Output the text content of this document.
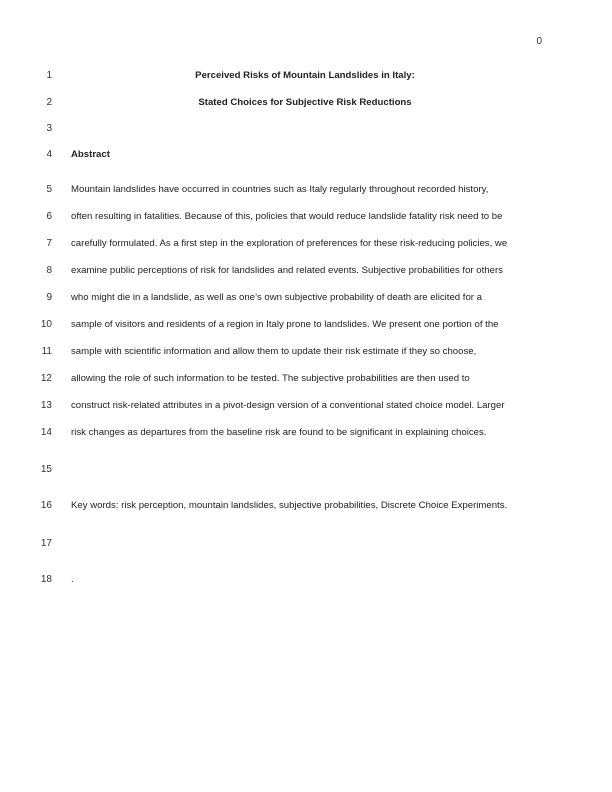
0
1	Perceived Risks of Mountain Landslides in Italy:
2	Stated Choices for Subjective Risk Reductions
3
4 Abstract
5 Mountain landslides have occurred in countries such as Italy regularly throughout recorded history,
6 often resulting in fatalities. Because of this, policies that would reduce landslide fatality risk need to be
7 carefully formulated. As a first step in the exploration of preferences for these risk-reducing policies, we
8 examine public perceptions of risk for landslides and related events. Subjective probabilities for others
9 who might die in a landslide, as well as one’s own subjective probability of death are elicited for a
10 sample of visitors and residents of a region in Italy prone to landslides. We present one portion of the
11 sample with scientific information and allow them to update their risk estimate if they so choose,
12 allowing the role of such information to be tested. The subjective probabilities are then used to
13 construct risk-related attributes in a pivot-design version of a conventional stated choice model. Larger
14 risk changes as departures from the baseline risk are found to be significant in explaining choices.
15
16 Key words: risk perception, mountain landslides, subjective probabilities, Discrete Choice Experiments.
17
18 .
